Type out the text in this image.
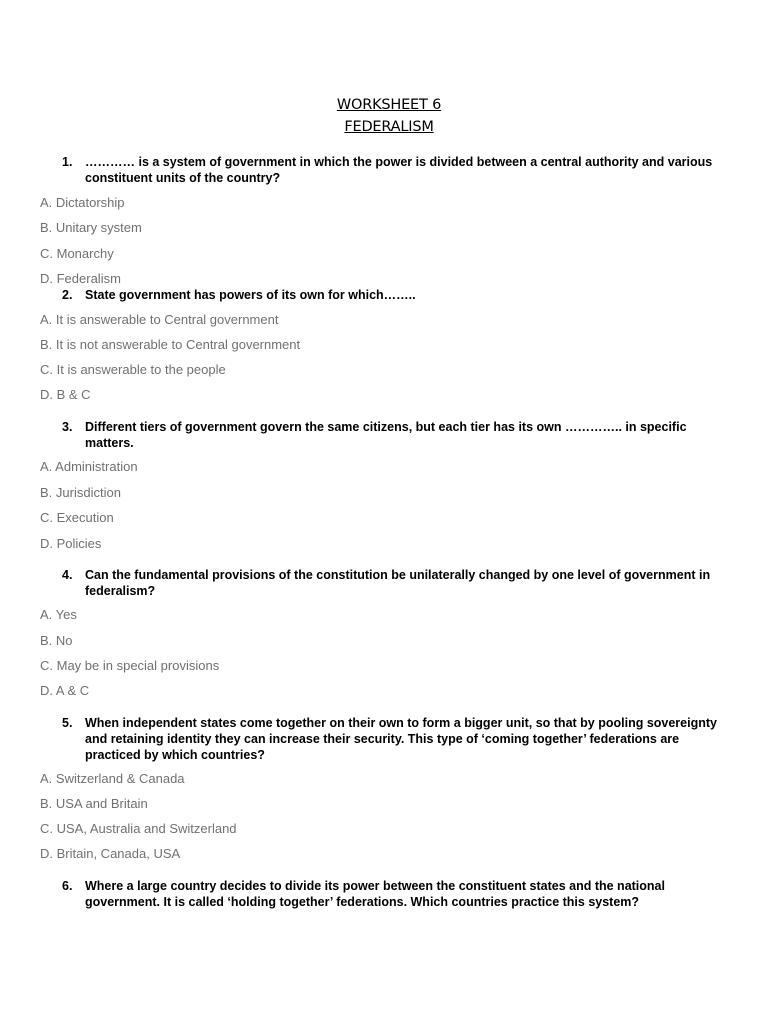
WORKSHEET 6
FEDERALISM
1. ………… is a system of government in which the power is divided between a central authority and various constituent units of the country?
A. Dictatorship
B. Unitary system
C. Monarchy
D. Federalism
2. State government has powers of its own for which……..
A. It is answerable to Central government
B. It is not answerable to Central government
C. It is answerable to the people
D. B & C
3. Different tiers of government govern the same citizens, but each tier has its own ………….. in specific matters.
A. Administration
B. Jurisdiction
C. Execution
D. Policies
4. Can the fundamental provisions of the constitution be unilaterally changed by one level of government in federalism?
A. Yes
B. No
C. May be in special provisions
D. A & C
5. When independent states come together on their own to form a bigger unit, so that by pooling sovereignty and retaining identity they can increase their security. This type of ‘coming together’ federations are practiced by which countries?
A. Switzerland & Canada
B. USA and Britain
C. USA, Australia and Switzerland
D. Britain, Canada, USA
6. Where a large country decides to divide its power between the constituent states and the national government. It is called ‘holding together’ federations. Which countries practice this system?
